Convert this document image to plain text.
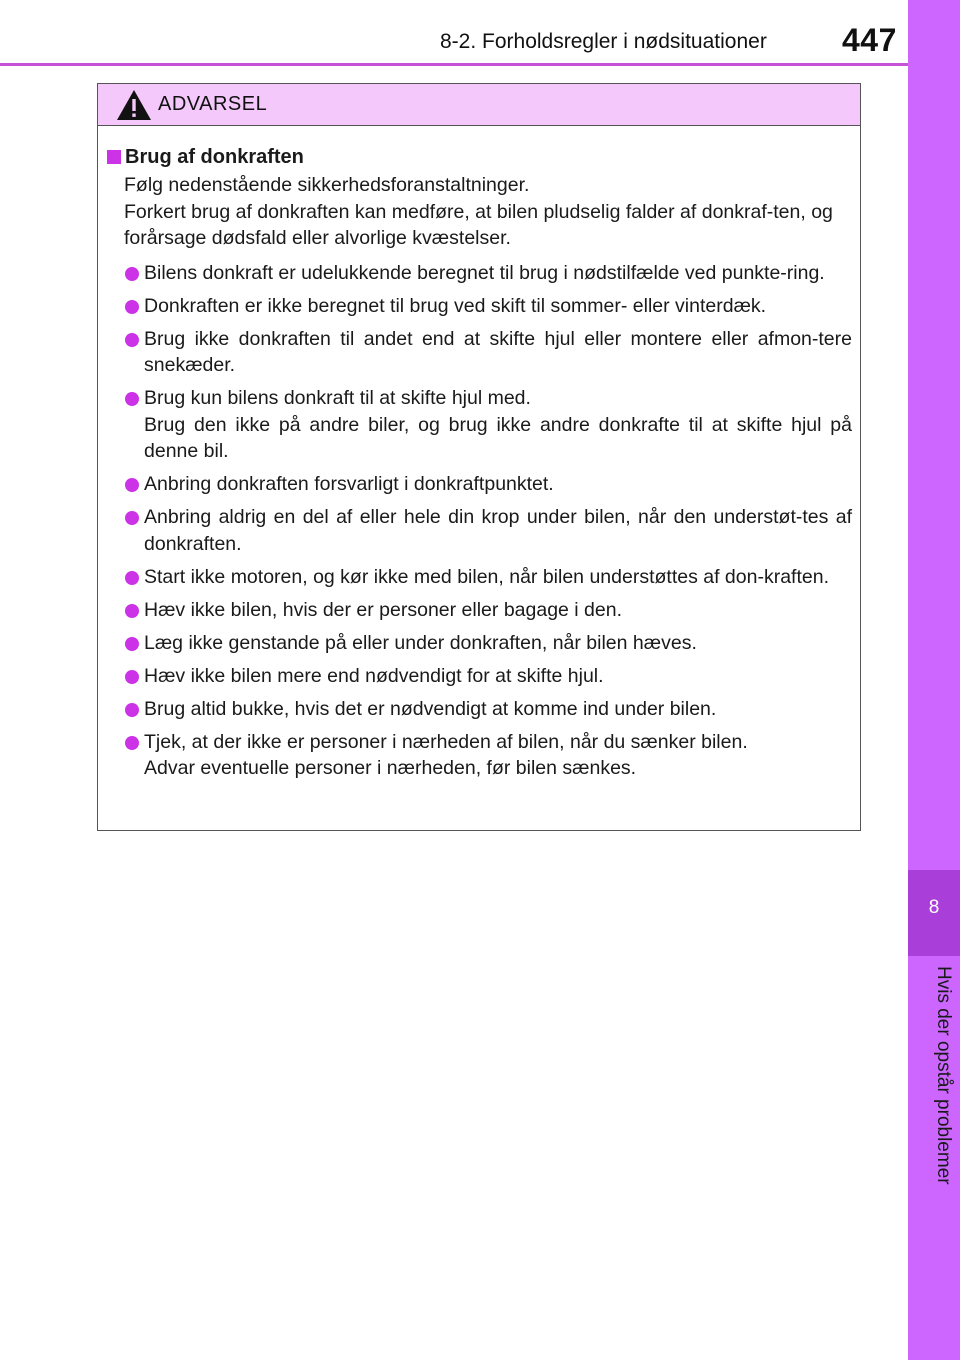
8-2. Forholdsregler i nødsituationer 447
8
Hvis der opstår problemer
ADVARSEL
Brug af donkraften

Følg nedenstående sikkerhedsforanstaltninger.
Forkert brug af donkraften kan medføre, at bilen pludselig falder af donkraf-ten, og forårsage dødsfald eller alvorlige kvæstelser.

Bilens donkraft er udelukkende beregnet til brug i nødstilfælde ved punkte-ring.
Donkraften er ikke beregnet til brug ved skift til sommer- eller vinterdæk.
Brug ikke donkraften til andet end at skifte hjul eller montere eller afmon-tere snekæder.
Brug kun bilens donkraft til at skifte hjul med.
Brug den ikke på andre biler, og brug ikke andre donkrafte til at skifte hjul på denne bil.
Anbring donkraften forsvarligt i donkraftpunktet.
Anbring aldrig en del af eller hele din krop under bilen, når den understøt-tes af donkraften.
Start ikke motoren, og kør ikke med bilen, når bilen understøttes af don-kraften.
Hæv ikke bilen, hvis der er personer eller bagage i den.
Læg ikke genstande på eller under donkraften, når bilen hæves.
Hæv ikke bilen mere end nødvendigt for at skifte hjul.
Brug altid bukke, hvis det er nødvendigt at komme ind under bilen.
Tjek, at der ikke er personer i nærheden af bilen, når du sænker bilen.
Advar eventuelle personer i nærheden, før bilen sænkes.
